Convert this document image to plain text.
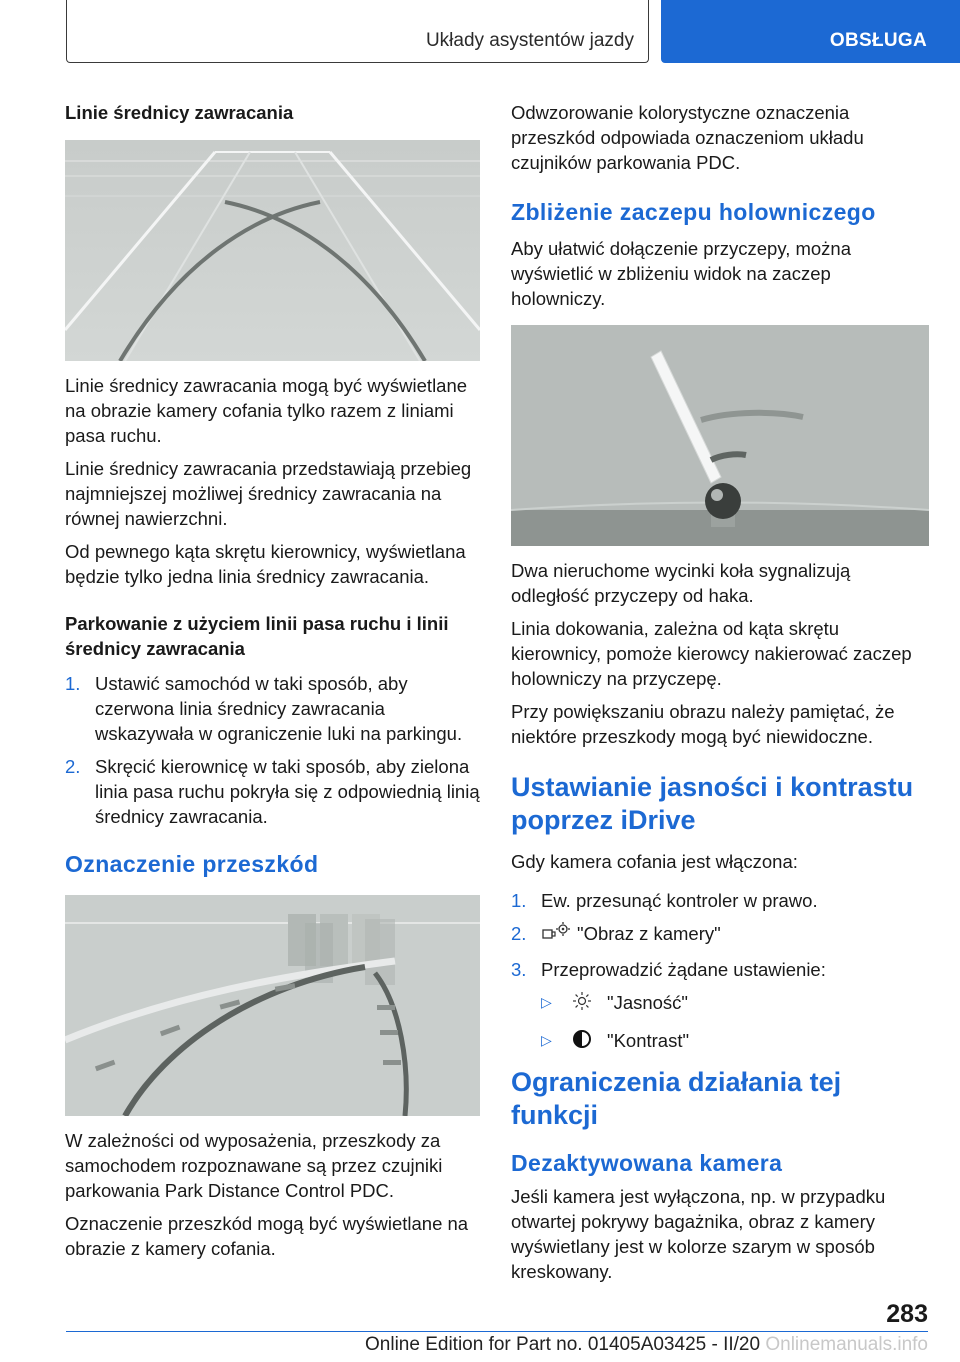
Układy asystentów jazdy	OBSŁUGA
Linie średnicy zawracania

Linie średnicy zawracania mogą być wyświetlane na obrazie kamery cofania tylko razem z liniami pasa ruchu.

Linie średnicy zawracania przedstawiają przebieg najmniejszej możliwej średnicy zawracania na równej nawierzchni.

Od pewnego kąta skrętu kierownicy, wyświetlana będzie tylko jedna linia średnicy zawracania.

Parkowanie z użyciem linii pasa ruchu i linii średnicy zawracania
1. Ustawić samochód w taki sposób, aby czerwona linia średnicy zawracania wskazywała w ograniczenie luki na parkingu.
2. Skręcić kierownicę w taki sposób, aby zielona linia pasa ruchu pokryła się z odpowiednią linią średnicy zawracania.
Oznaczenie przeszkód

W zależności od wyposażenia, przeszkody za samochodem rozpoznawane są przez czujniki parkowania Park Distance Control PDC.

Oznaczenie przeszkód mogą być wyświetlane na obrazie z kamery cofania.

Odwzorowanie kolorystyczne oznaczenia przeszkód odpowiada oznaczeniom układu czujników parkowania PDC.

Zbliżenie zaczepu holowniczego

Aby ułatwić dołączenie przyczepy, można wyświetlić w zbliżeniu widok na zaczep holowniczy.

Dwa nieruchome wycinki koła sygnalizują odległość przyczepy od haka.

Linia dokowania, zależna od kąta skrętu kierownicy, pomoże kierowcy nakierować zaczep holowniczy na przyczepę.

Przy powiększaniu obrazu należy pamiętać, że niektóre przeszkody mogą być niewidoczne.

Ustawianie jasności i kontrastu poprzez iDrive

Gdy kamera cofania jest włączona:

1. Ew. przesunąć kontroler w prawo.
2.	"Obraz z kamery"
3. Przeprowadzić żądane ustawienie:
▷	"Jasność"
▷	"Kontrast"
Ograniczenia działania tej funkcji
Dezaktywowana kamera

Jeśli kamera jest wyłączona, np. w przypadku otwartej pokrywy bagażnika, obraz z kamery wyświetlany jest w kolorze szarym w sposób kreskowany.

283
Online Edition for Part no. 01405A03425 - II/20 Onlinemanuals.info
